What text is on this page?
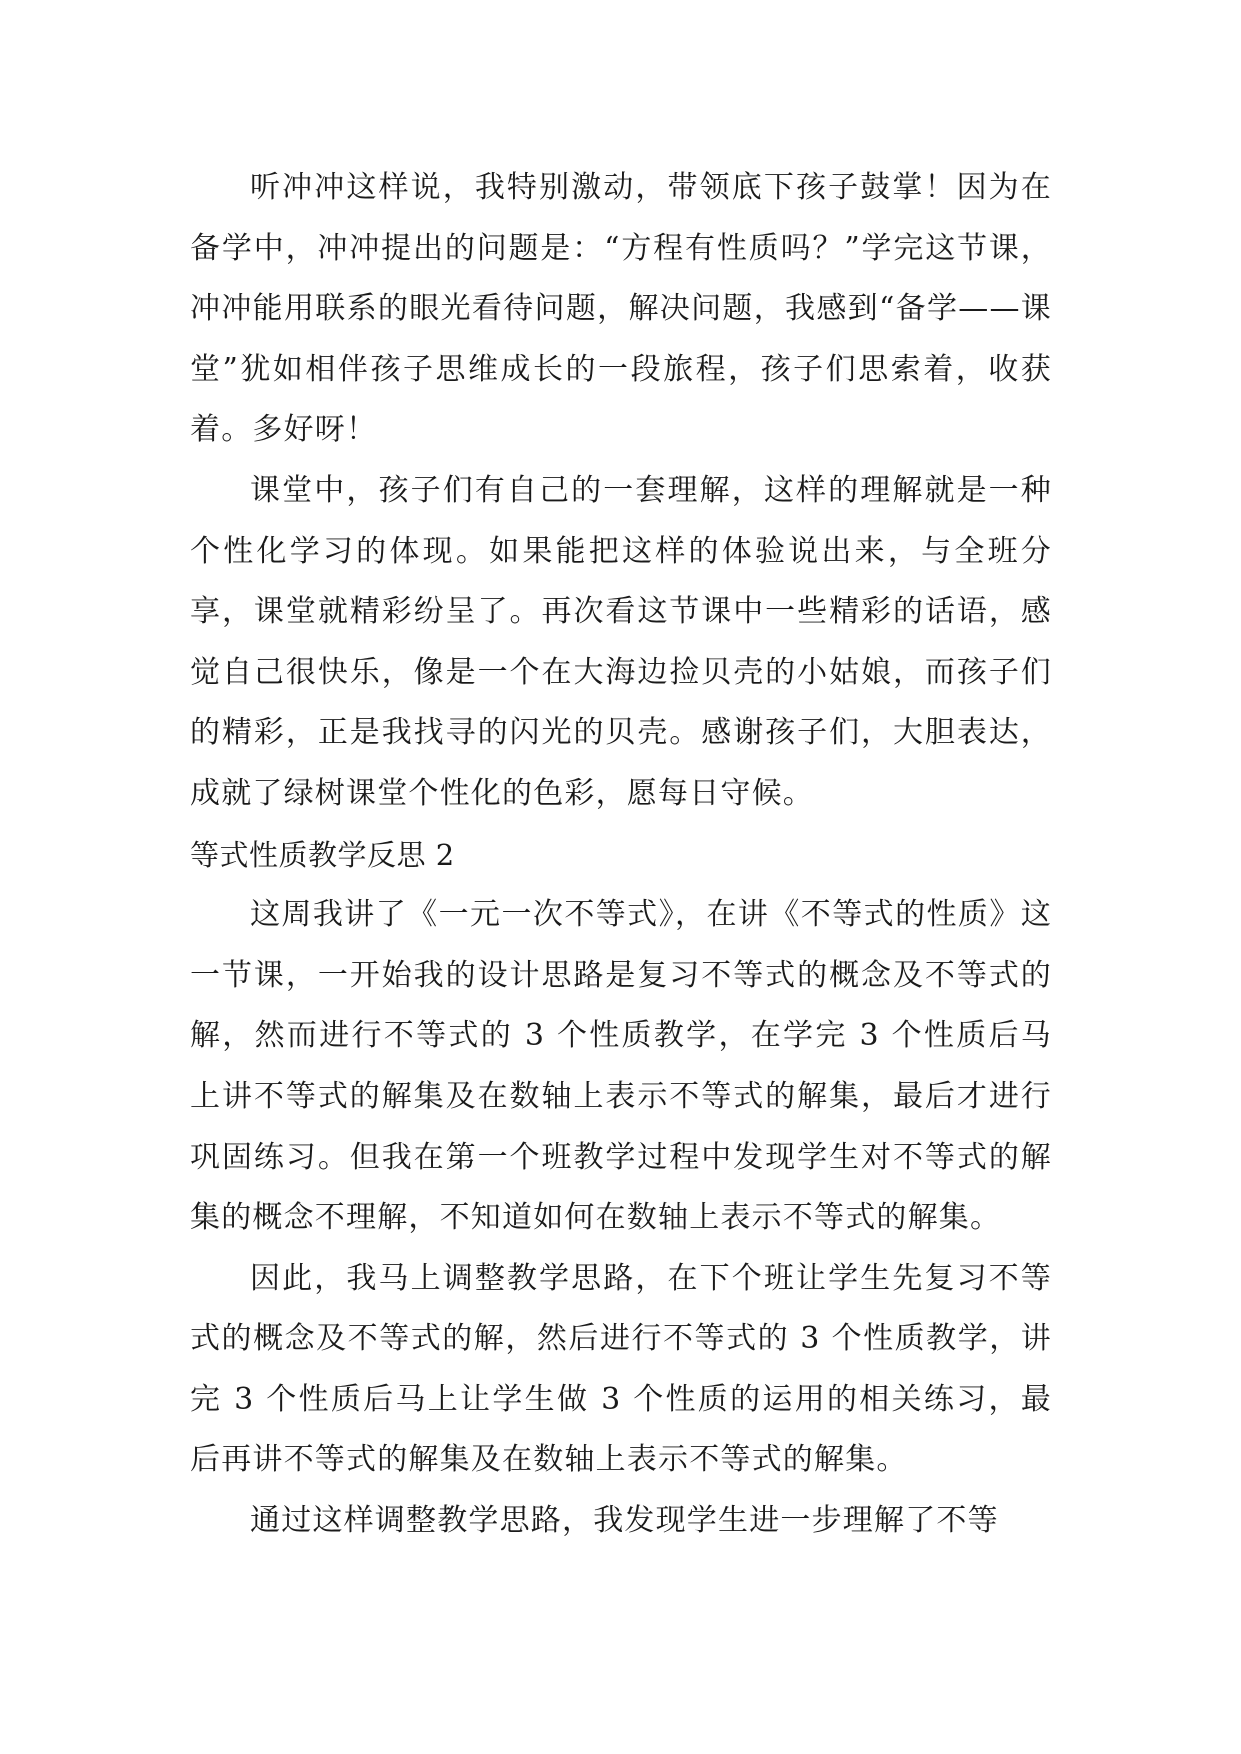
听冲冲这样说，我特别激动，带领底下孩子鼓掌！因为在备学中，冲冲提出的问题是：“方程有性质吗？”学完这节课，冲冲能用联系的眼光看待问题，解决问题，我感到“备学——课堂”犹如相伴孩子思维成长的一段旅程，孩子们思索着，收获着。多好呀！

课堂中，孩子们有自己的一套理解，这样的理解就是一种个性化学习的体现。如果能把这样的体验说出来，与全班分享，课堂就精彩纷呈了。再次看这节课中一些精彩的话语，感觉自己很快乐，像是一个在大海边捡贝壳的小姑娘，而孩子们的精彩，正是我找寻的闪光的贝壳。感谢孩子们，大胆表达，成就了绿树课堂个性化的色彩，愿每日守候。

等式性质教学反思 2

这周我讲了《一元一次不等式》，在讲《不等式的性质》这一节课，一开始我的设计思路是复习不等式的概念及不等式的解，然而进行不等式的 3 个性质教学，在学完 3 个性质后马上讲不等式的解集及在数轴上表示不等式的解集，最后才进行巩固练习。但我在第一个班教学过程中发现学生对不等式的解集的概念不理解，不知道如何在数轴上表示不等式的解集。

因此，我马上调整教学思路，在下个班让学生先复习不等式的概念及不等式的解，然后进行不等式的 3 个性质教学，讲完 3 个性质后马上让学生做 3 个性质的运用的相关练习，最后再讲不等式的解集及在数轴上表示不等式的解集。

通过这样调整教学思路，我发现学生进一步理解了不等
